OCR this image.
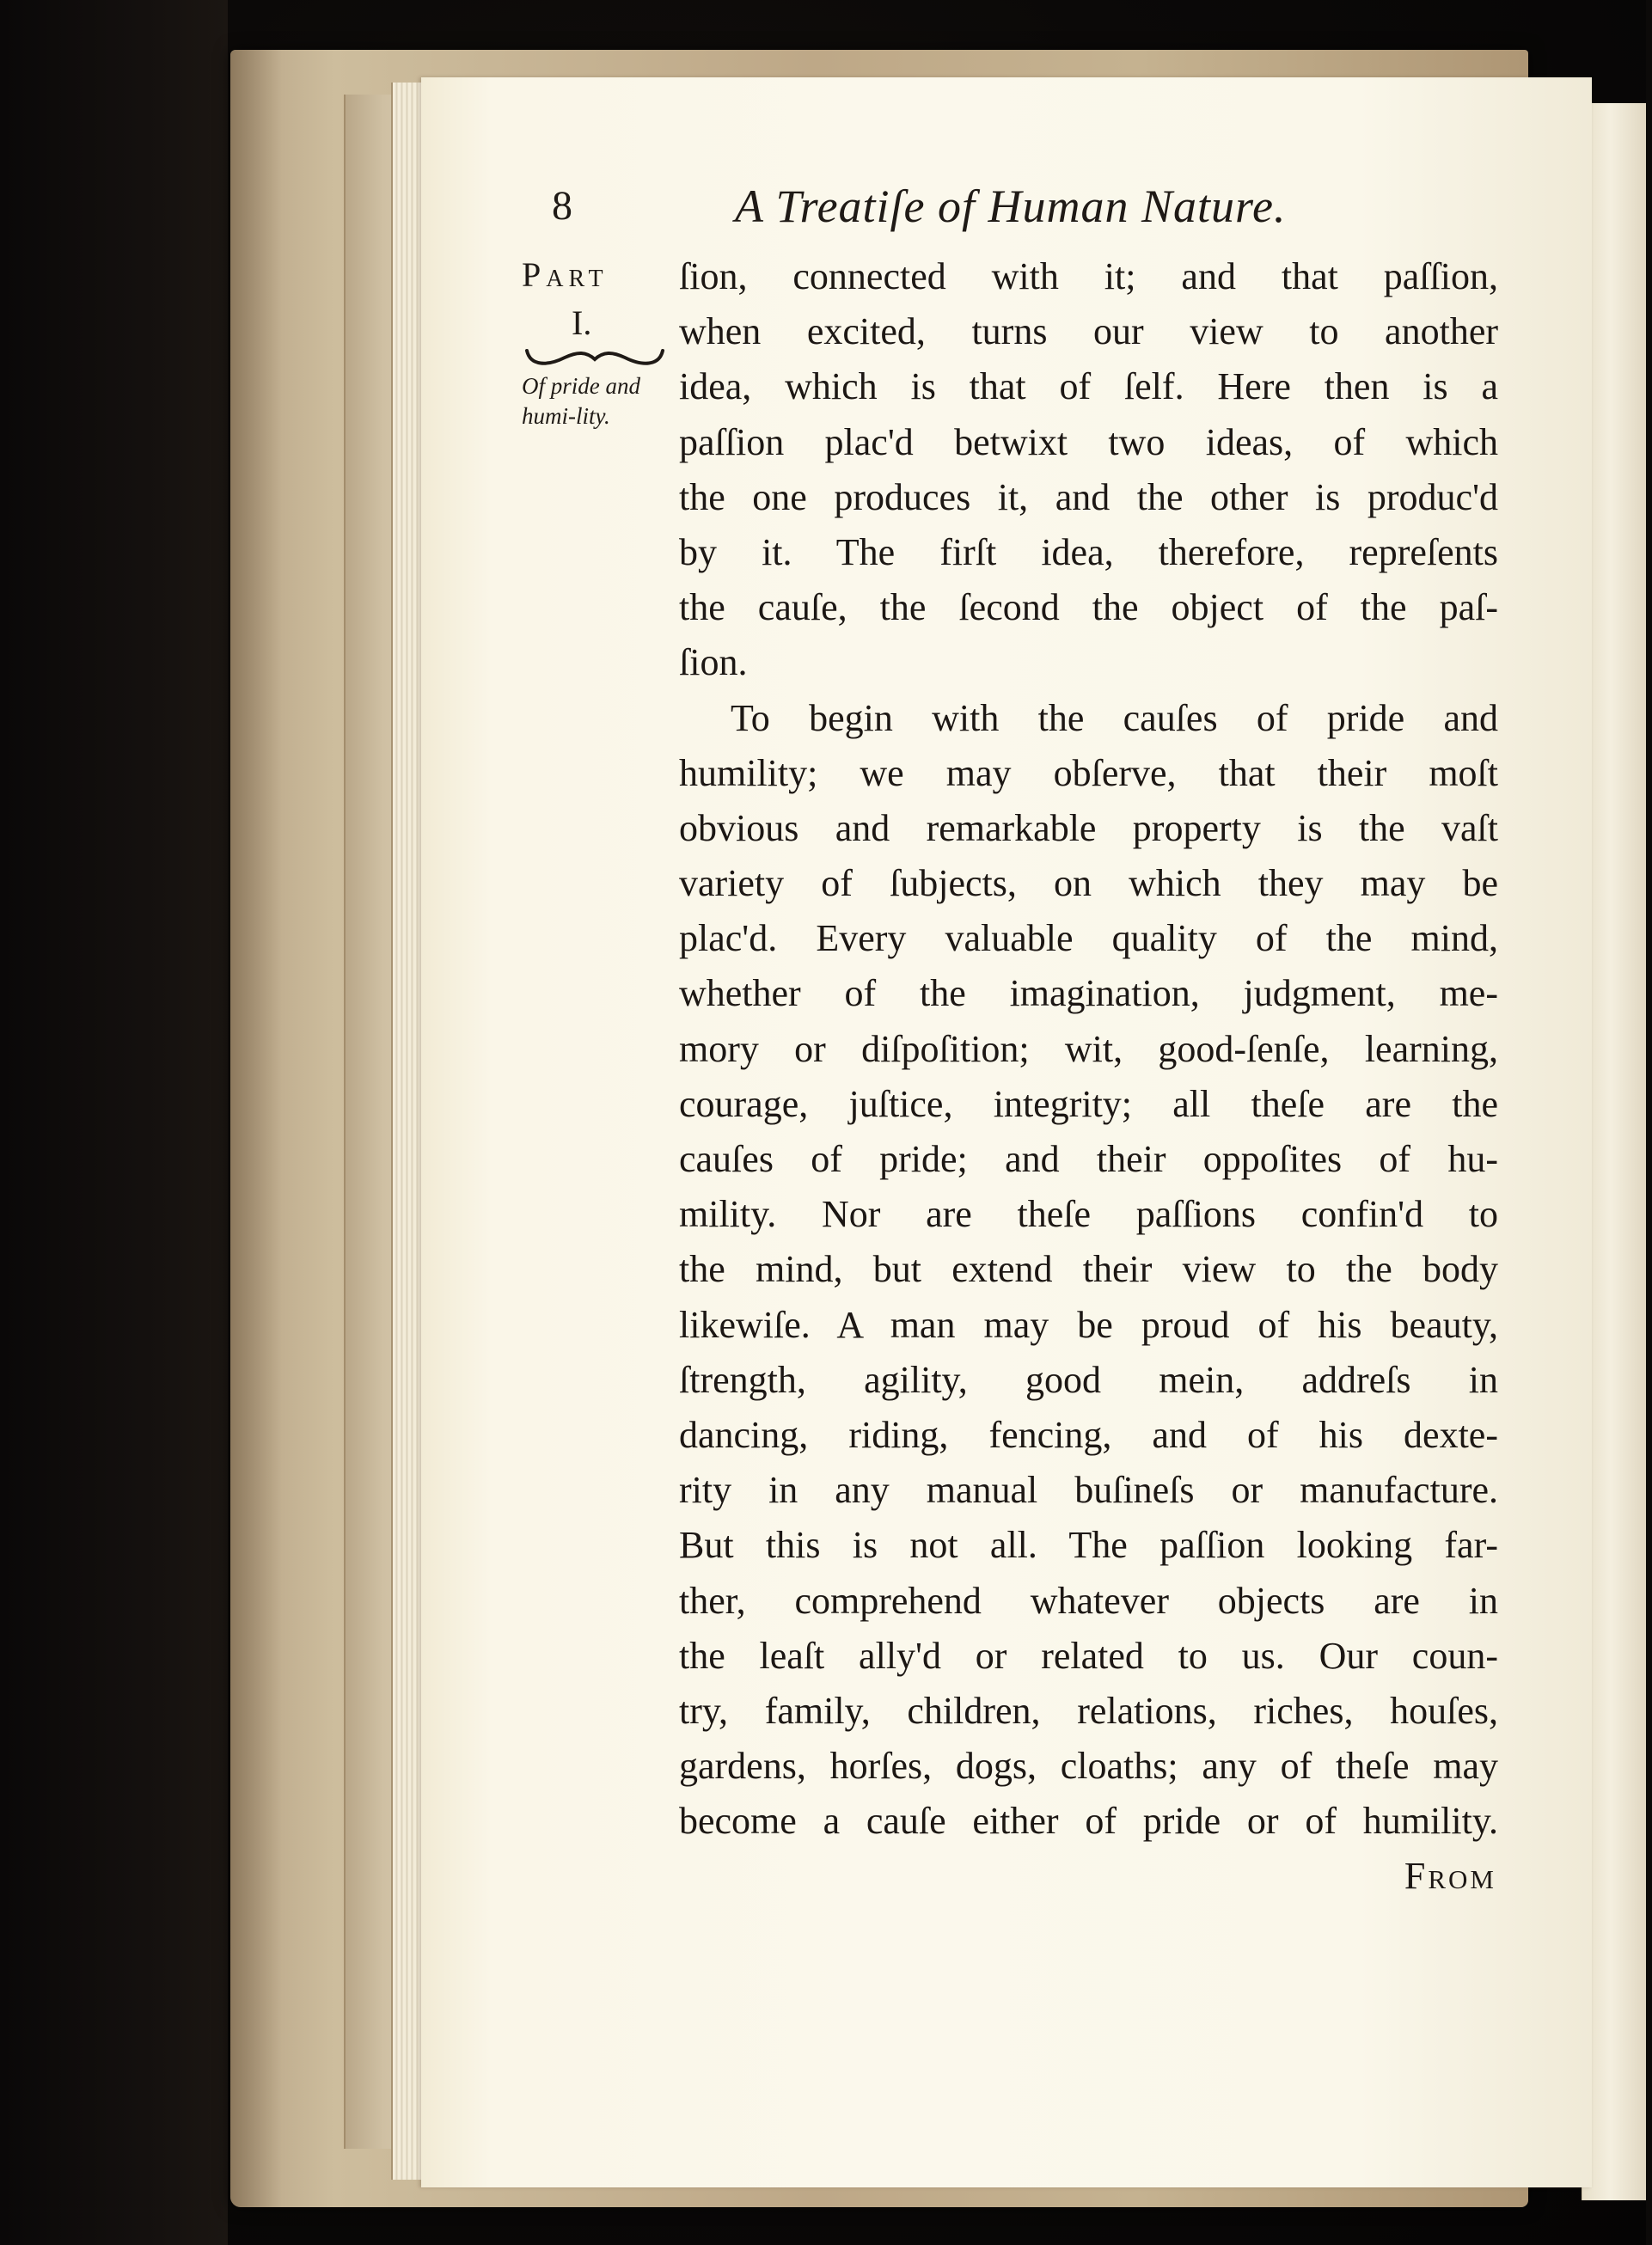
8	A Treatiſe of Human Nature.
Part
I.
Of pride and humi-lity.
ſion, connected with it; and that paſſion,
when excited, turns our view to another
idea, which is that of ſelf. Here then is a
paſſion plac'd betwixt two ideas, of which
the one produces it, and the other is produc'd
by it. The firſt idea, therefore, repreſents
the cauſe, the ſecond the object of the paſ-
ſion.
To begin with the cauſes of pride and
humility; we may obſerve, that their moſt
obvious and remarkable property is the vaſt
variety of ſubjects, on which they may be
plac'd. Every valuable quality of the mind,
whether of the imagination, judgment, me-
mory or diſpoſition; wit, good-ſenſe, learning,
courage, juſtice, integrity; all theſe are the
cauſes of pride; and their oppoſites of hu-
mility. Nor are theſe paſſions confin'd to
the mind, but extend their view to the body
likewiſe. A man may be proud of his beauty,
ſtrength, agility, good mein, addreſs in
dancing, riding, fencing, and of his dexte-
rity in any manual buſineſs or manufacture.
But this is not all. The paſſion looking far-
ther, comprehend whatever objects are in
the leaſt ally'd or related to us. Our coun-
try, family, children, relations, riches, houſes,
gardens, horſes, dogs, cloaths; any of theſe may
become a cauſe either of pride or of humility.
From
